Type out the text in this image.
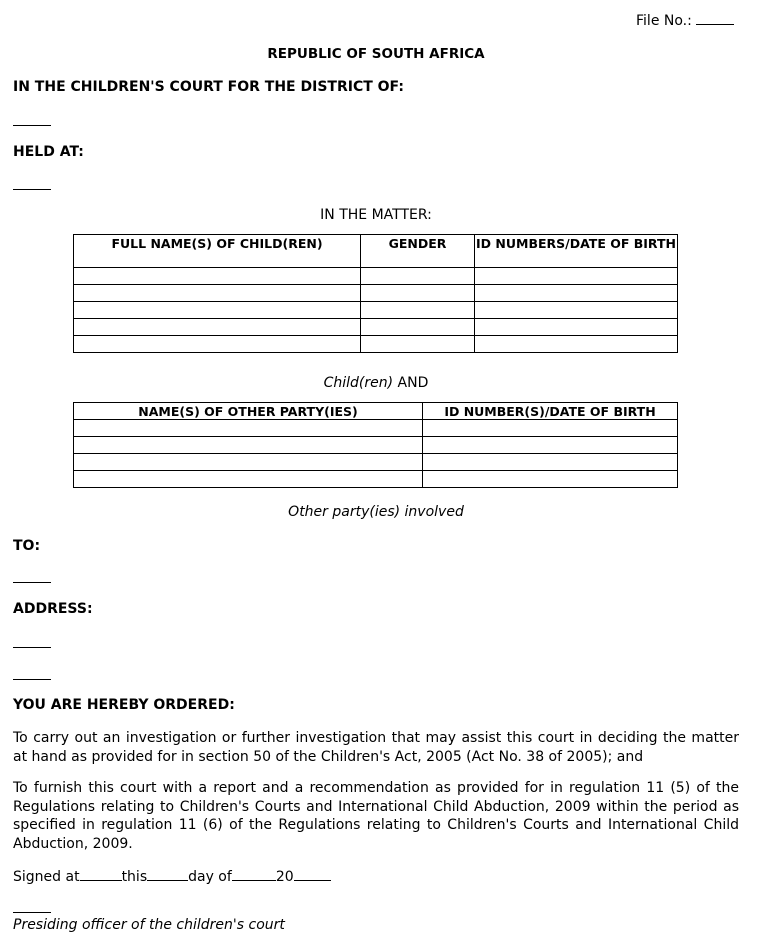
File No.:
REPUBLIC OF SOUTH AFRICA
IN THE CHILDREN'S COURT FOR THE DISTRICT OF:
HELD AT:
IN THE MATTER:
FULL NAME(S) OF CHILD(REN)	GENDER	ID NUMBERS/DATE OF BIRTH

Child(ren) AND
NAME(S) OF OTHER PARTY(IES)	ID NUMBER(S)/DATE OF BIRTH

Other party(ies) involved
TO:
ADDRESS:
YOU ARE HEREBY ORDERED:
To carry out an investigation or further investigation that may assist this court in deciding the matter at hand as provided for in section 50 of the Children's Act, 2005 (Act No. 38 of 2005); and
To furnish this court with a report and a recommendation as provided for in regulation 11 (5) of the Regulations relating to Children's Courts and International Child Abduction, 2009 within the period as specified in regulation 11 (6) of the Regulations relating to Children's Courts and International Child Abduction, 2009.
Signed at	this	day of	20
Presiding officer of the children's court
